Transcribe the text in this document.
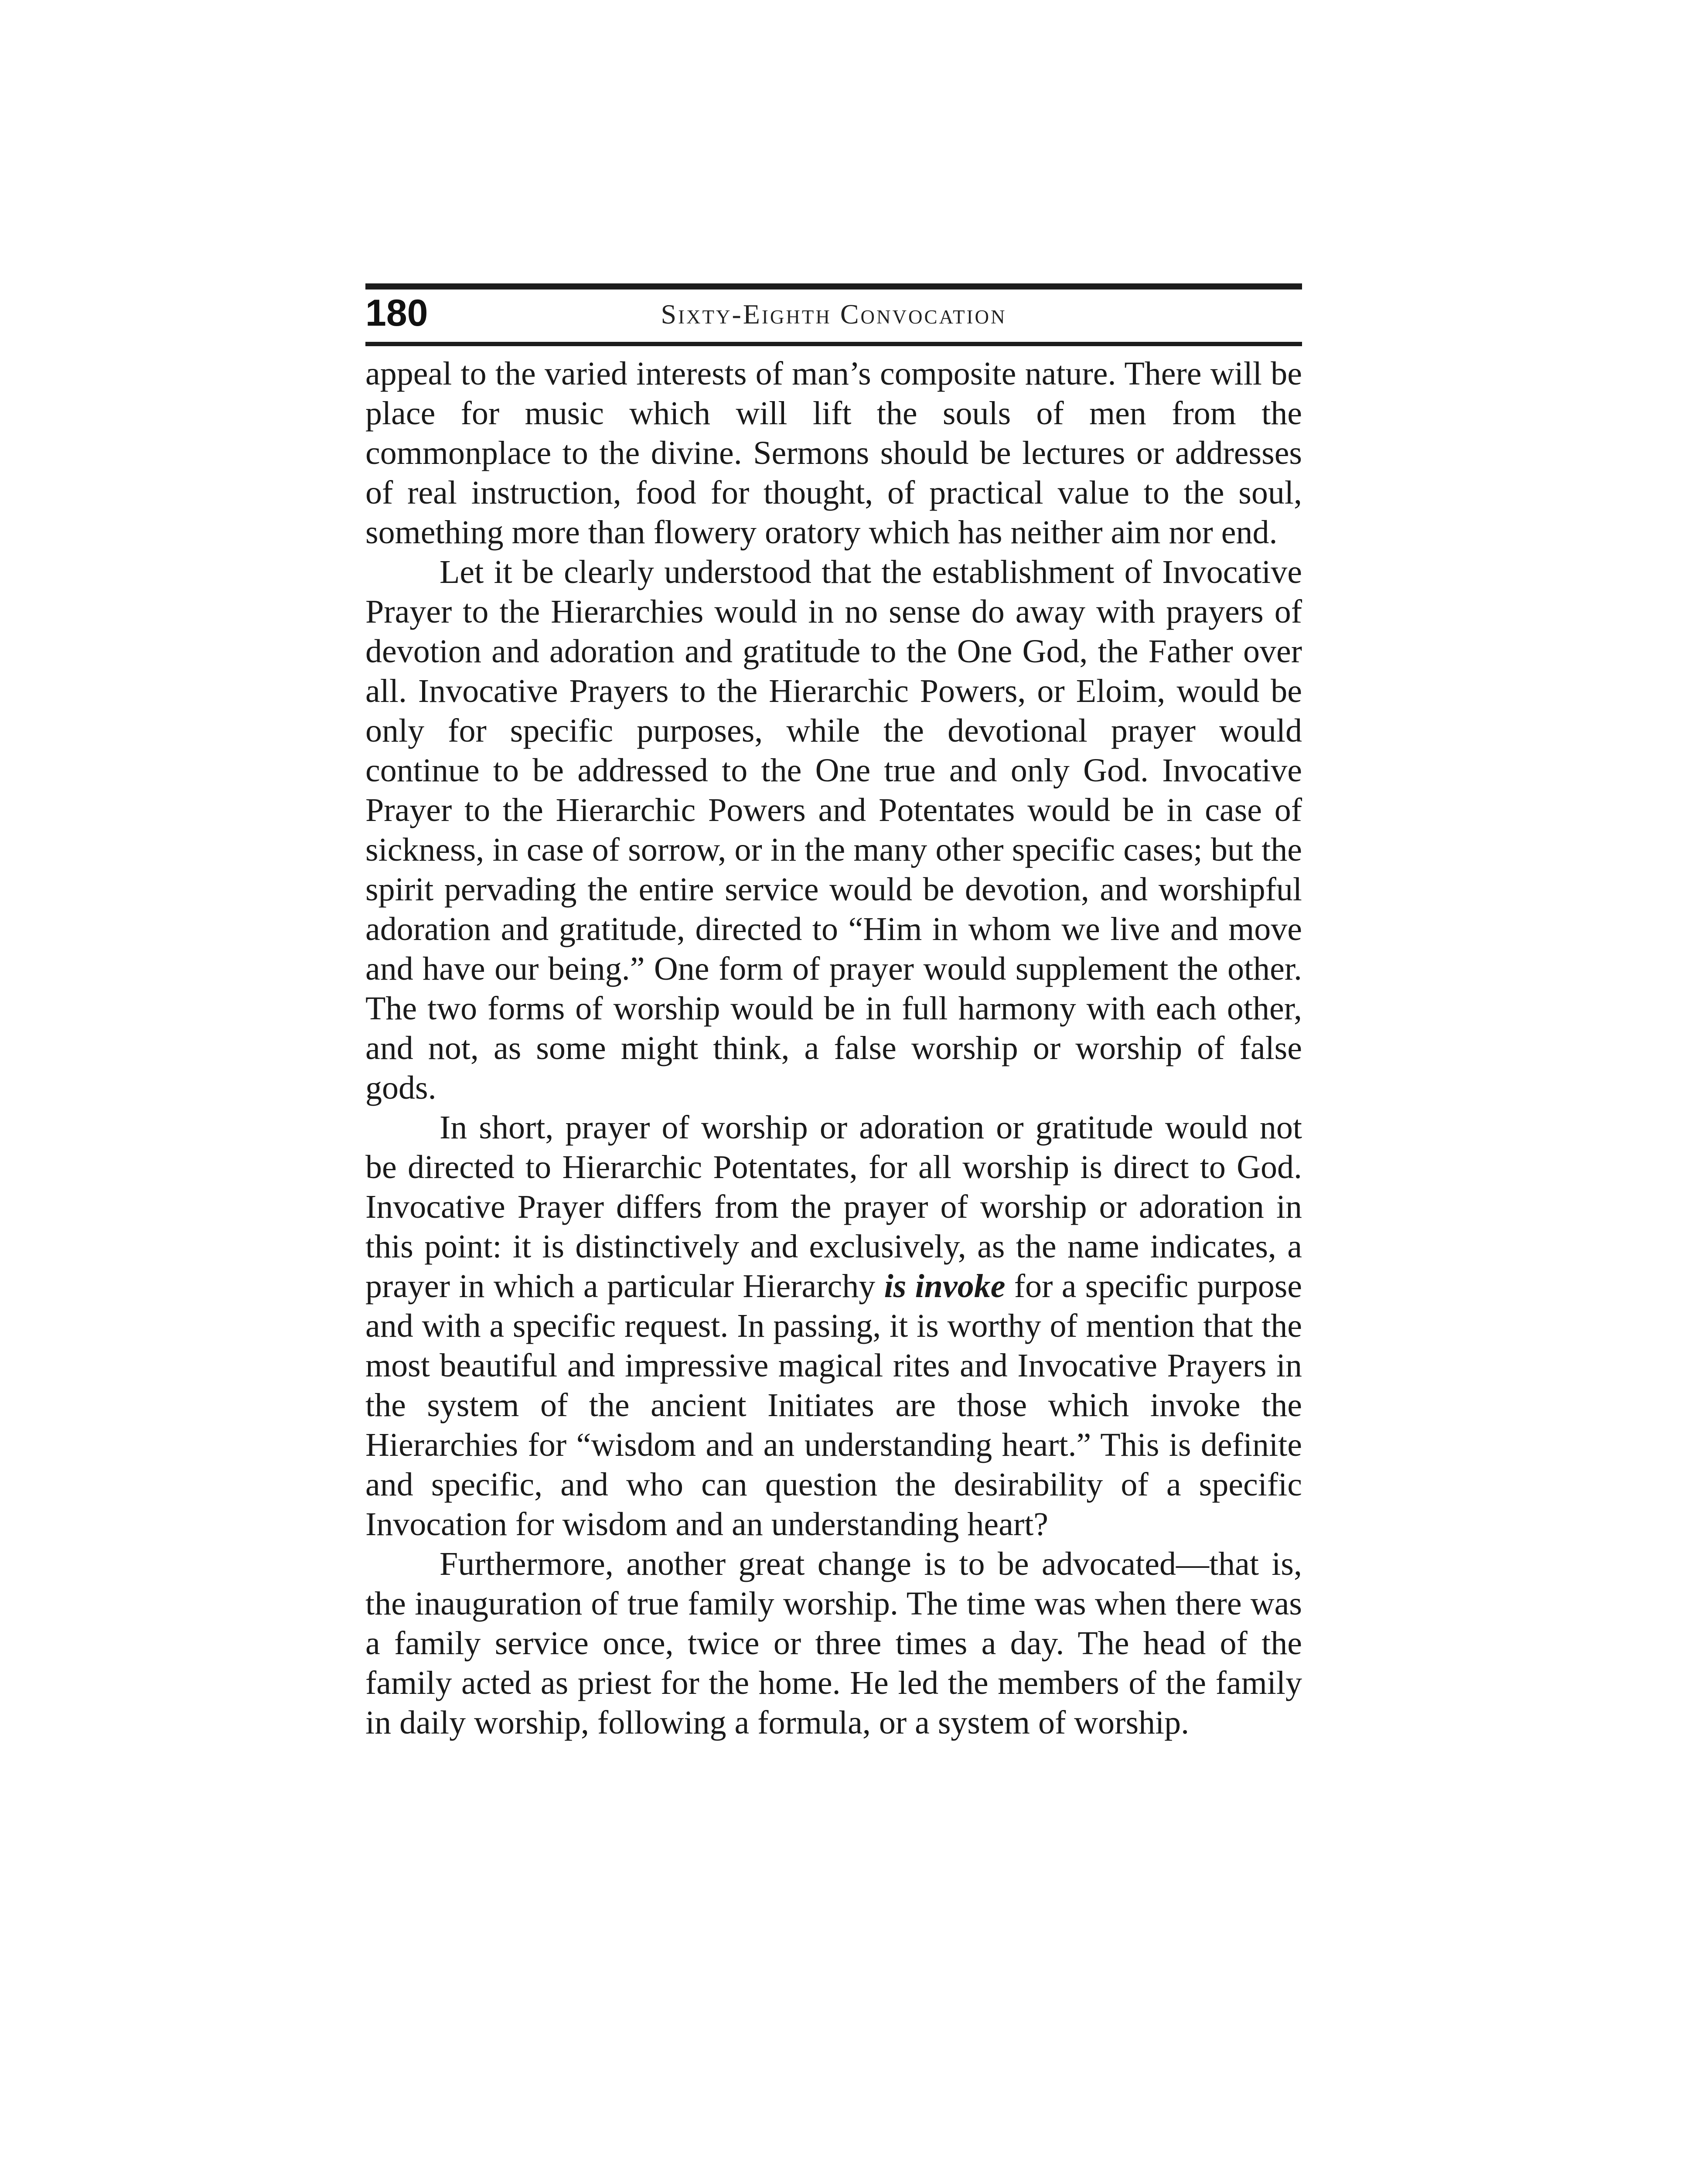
180	Sixty-Eighth Convocation

appeal to the varied interests of man’s composite nature. There will be place for music which will lift the souls of men from the commonplace to the divine. Sermons should be lectures or addresses of real instruction, food for thought, of practical value to the soul, something more than flowery oratory which has neither aim nor end.

Let it be clearly understood that the establishment of Invocative Prayer to the Hierarchies would in no sense do away with prayers of devotion and adoration and gratitude to the One God, the Father over all. Invocative Prayers to the Hierarchic Powers, or Eloim, would be only for specific purposes, while the devotional prayer would continue to be addressed to the One true and only God. Invocative Prayer to the Hierarchic Powers and Potentates would be in case of sickness, in case of sorrow, or in the many other specific cases; but the spirit pervading the entire service would be devotion, and worshipful adoration and gratitude, directed to “Him in whom we live and move and have our being.” One form of prayer would supplement the other. The two forms of worship would be in full harmony with each other, and not, as some might think, a false worship or worship of false gods.

In short, prayer of worship or adoration or gratitude would not be directed to Hierarchic Potentates, for all worship is direct to God. Invocative Prayer differs from the prayer of worship or adoration in this point: it is distinctively and exclusively, as the name indicates, a prayer in which a particular Hierarchy is invoke for a specific purpose and with a specific request. In passing, it is worthy of mention that the most beautiful and impressive magical rites and Invocative Prayers in the system of the ancient Initiates are those which invoke the Hierarchies for “wisdom and an understanding heart.” This is definite and specific, and who can question the desirability of a specific Invocation for wisdom and an understanding heart?

Furthermore, another great change is to be advocated—that is, the inauguration of true family worship. The time was when there was a family service once, twice or three times a day. The head of the family acted as priest for the home. He led the members of the family in daily worship, following a formula, or a system of worship.
